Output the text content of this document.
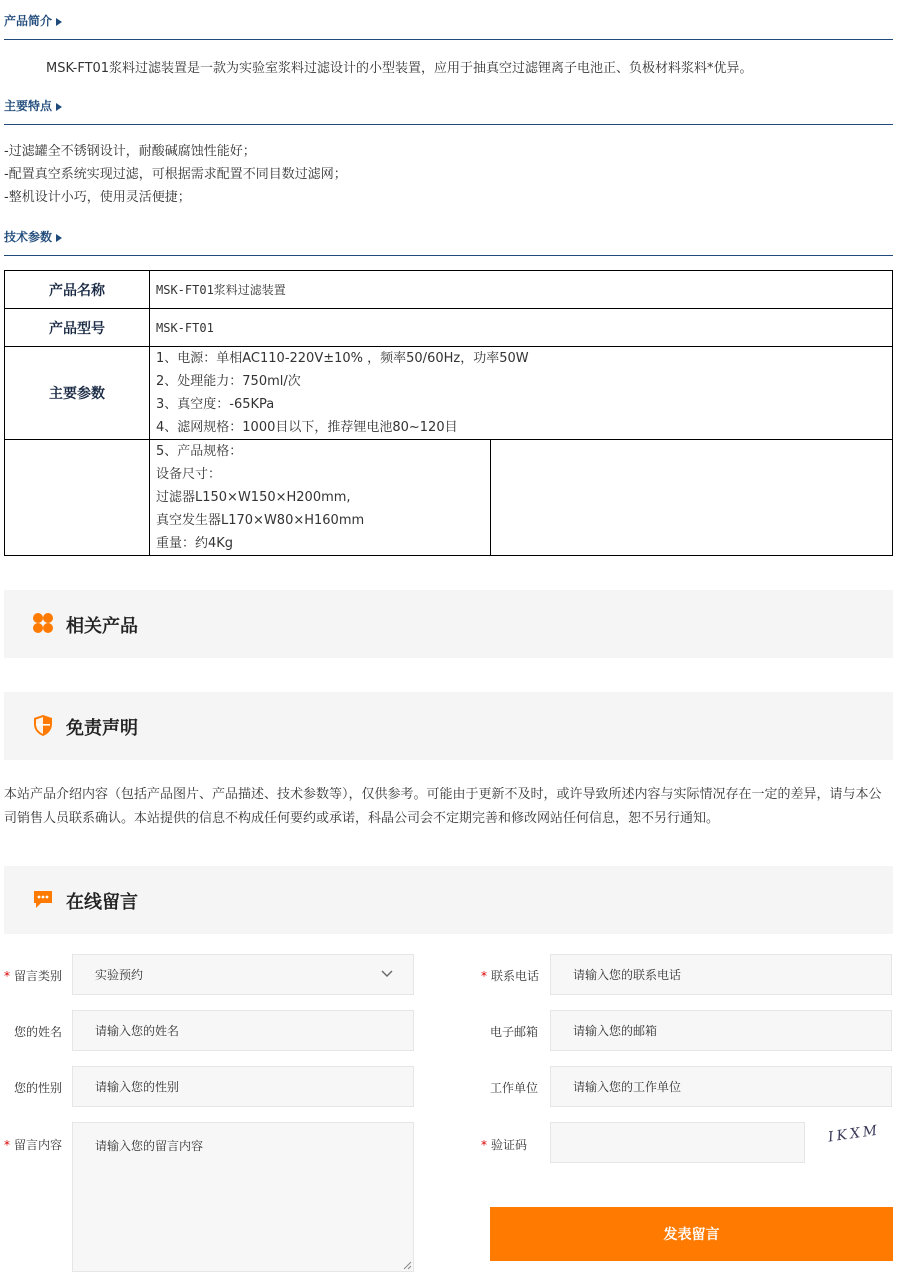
产品简介
MSK-FT01浆料过滤装置是一款为实验室浆料过滤设计的小型装置，应用于抽真空过滤锂离子电池正、负极材料浆料*优异。
主要特点
-过滤罐全不锈钢设计，耐酸碱腐蚀性能好；
-配置真空系统实现过滤，可根据需求配置不同目数过滤网；
-整机设计小巧，使用灵活便捷；
技术参数
产品名称	MSK-FT01浆料过滤装置	
产品型号	MSK-FT01	
主要参数	1、电源：单相AC110-220V±10% ，频率50/60Hz，功率50W
2、处理能力：750ml/次
3、真空度：-65KPa
4、滤网规格：1000目以下，推荐锂电池80~120目	

	5、产品规格：
设备尺寸：
过滤器L150×W150×H200mm,
真空发生器L170×W80×H160mm
重量：约4Kg	

相关产品
免责声明
本站产品介绍内容（包括产品图片、产品描述、技术参数等），仅供参考。可能由于更新不及时，或许导致所述内容与实际情况存在一定的差异，请与本公司销售人员联系确认。本站提供的信息不构成任何要约或承诺，科晶公司会不定期完善和修改网站任何信息，恕不另行通知。
在线留言
* 留言类别	实验预约	* 联系电话	请输入您的联系电话
您的姓名	请输入您的姓名	电子邮箱	请输入您的邮箱
您的性别	请输入您的性别	工作单位	请输入您的工作单位
* 留言内容	请输入您的留言内容	* 验证码	IKXM
发表留言
